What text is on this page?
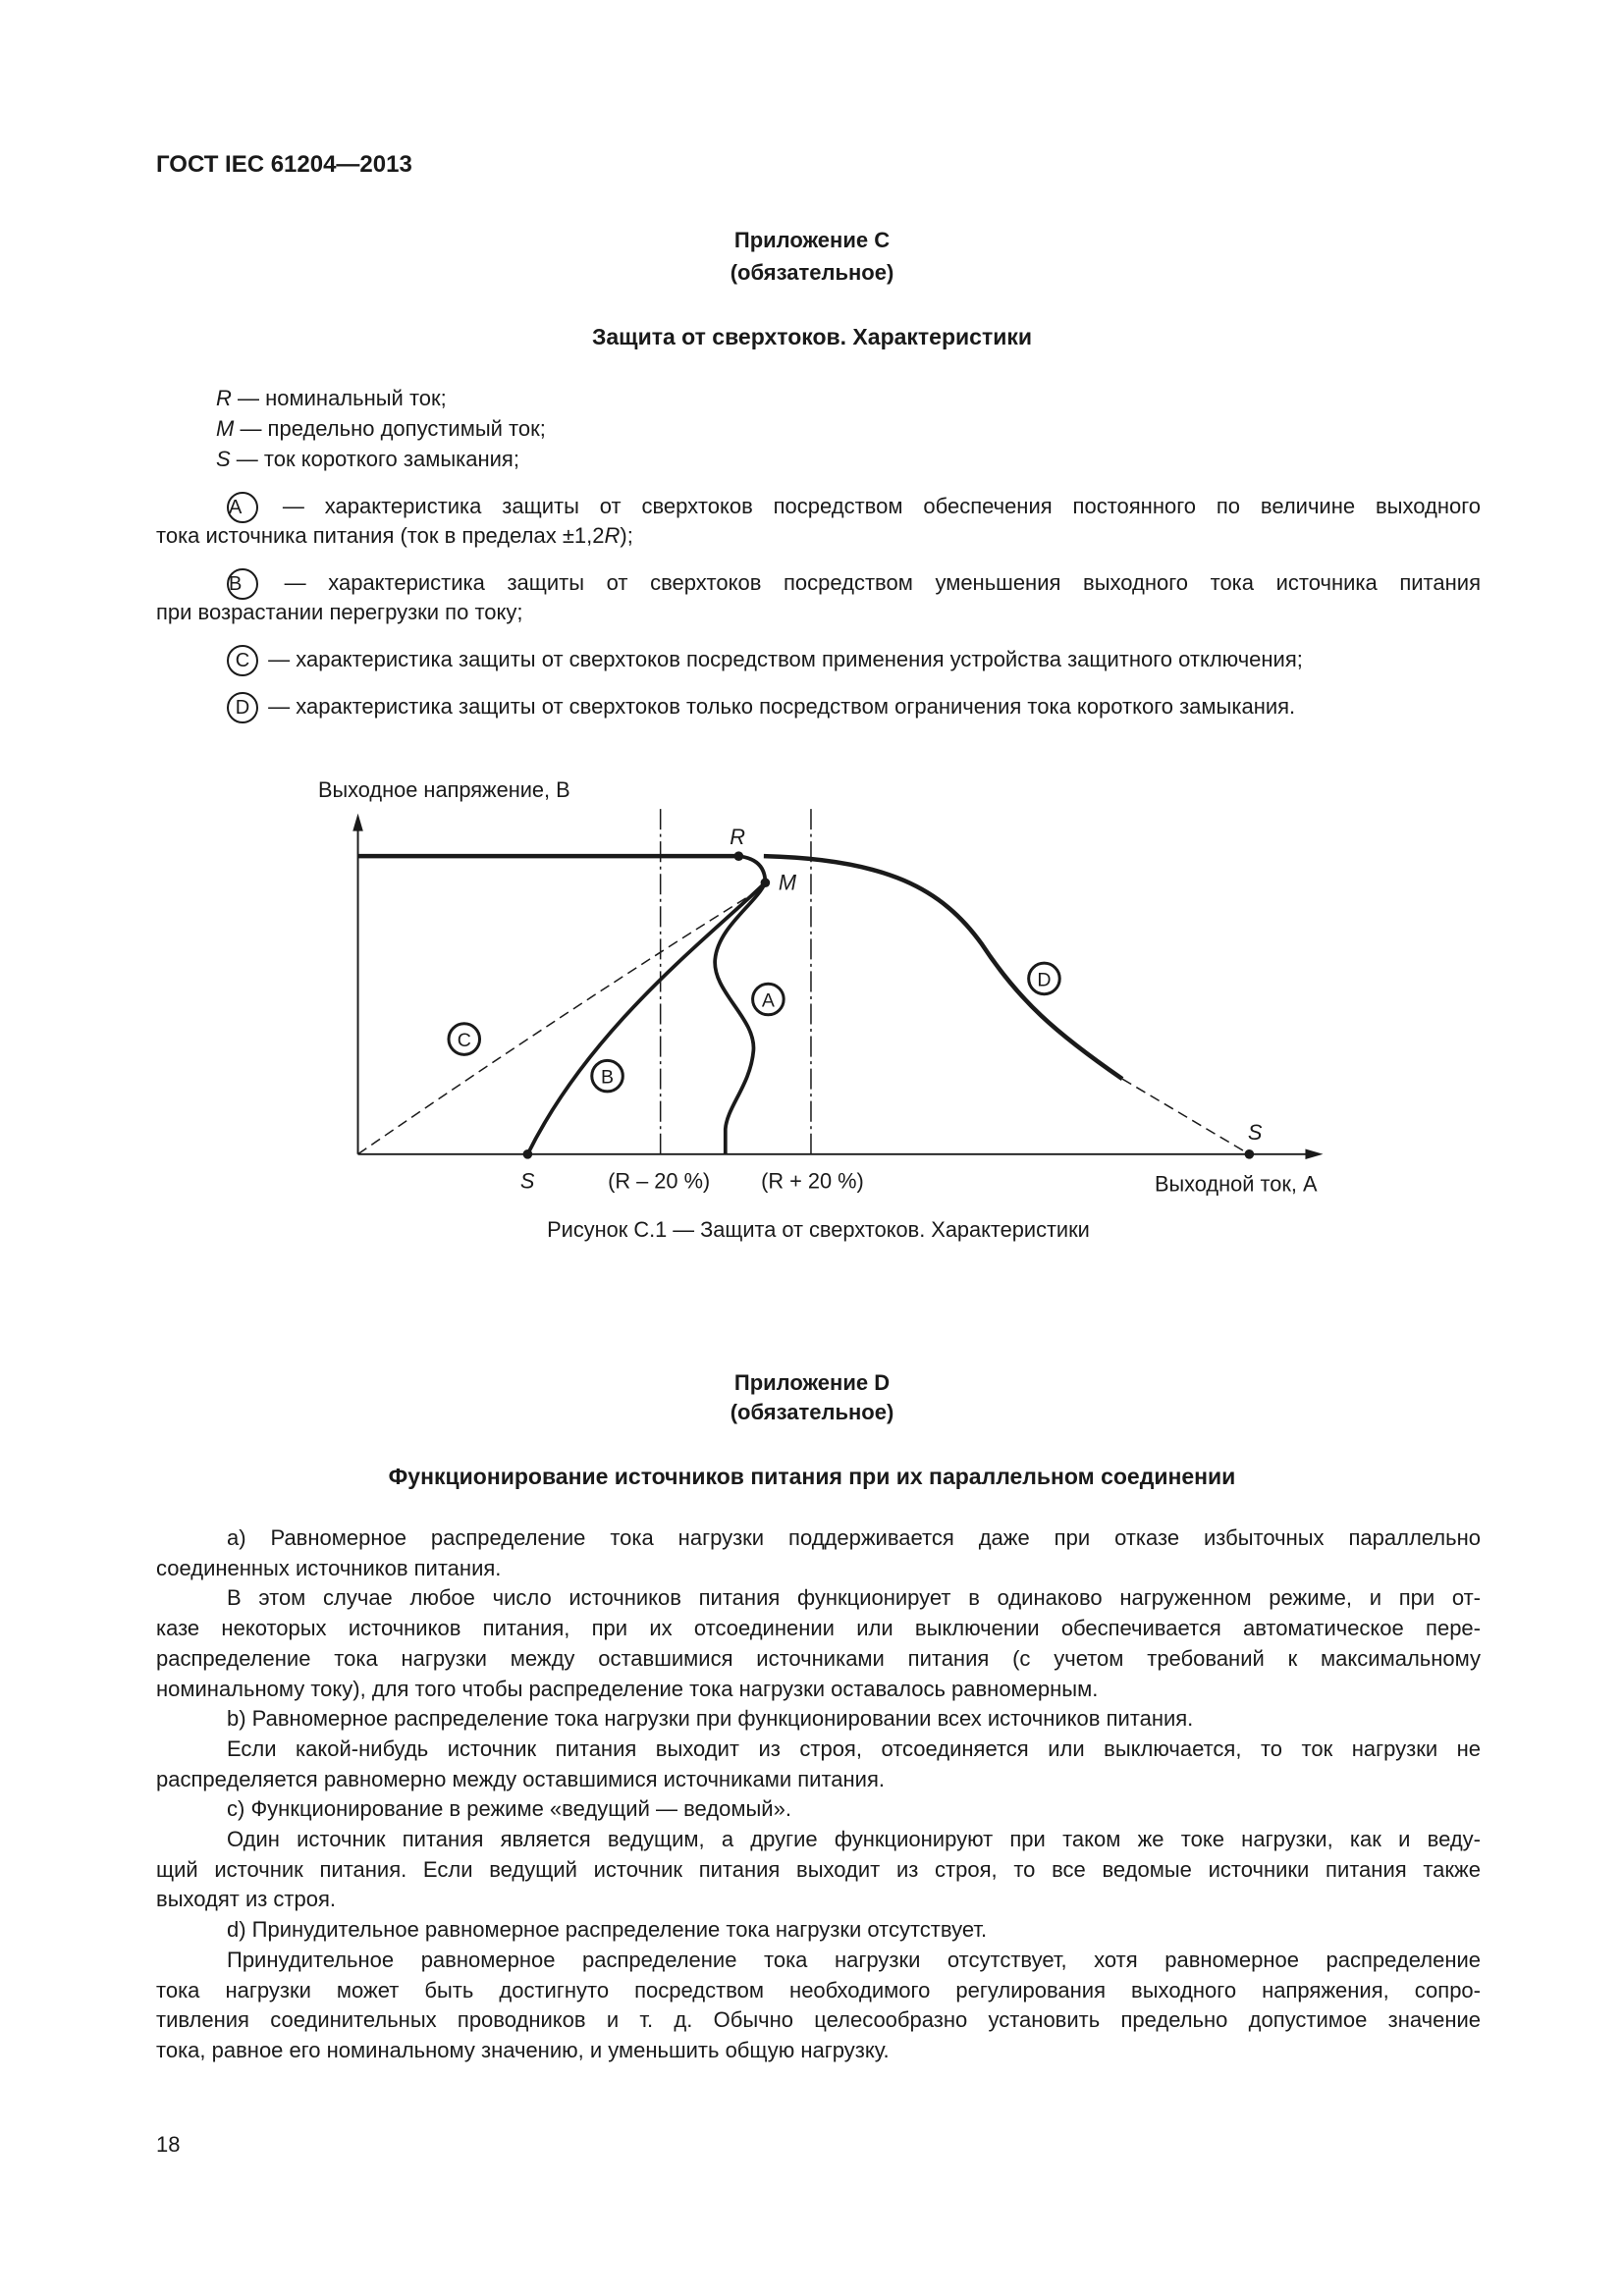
ГОСТ IEC 61204—2013
Приложение С
(обязательное)
Защита от сверхтоков. Характеристики
R — номинальный ток;
M — предельно допустимый ток;
S — ток короткого замыкания;
A — характеристика защиты от сверхтоков посредством обеспечения постоянного по величине выходного
тока источника питания (ток в пределах ±1,2R);
B — характеристика защиты от сверхтоков посредством уменьшения выходного тока источника питания
при возрастании перегрузки по току;
C — характеристика защиты от сверхтоков посредством применения устройства защитного отключения;
D — характеристика защиты от сверхтоков только посредством ограничения тока короткого замыкания.
Выходное напряжение, В
R
M
S
S
(R – 20 %)	(R + 20 %)	Выходной ток, А
A
B
C
D
Рисунок С.1 — Защита от сверхтоков. Характеристики
Приложение D
(обязательное)
Функционирование источников питания при их параллельном соединении
a) Равномерное распределение тока нагрузки поддерживается даже при отказе избыточных параллельно
соединенных источников питания.
В этом случае любое число источников питания функционирует в одинаково нагруженном режиме, и при от-
казе некоторых источников питания, при их отсоединении или выключении обеспечивается автоматическое пере-
распределение тока нагрузки между оставшимися источниками питания (с учетом требований к максимальному
номинальному току), для того чтобы распределение тока нагрузки оставалось равномерным.
b) Равномерное распределение тока нагрузки при функционировании всех источников питания.
Если какой-нибудь источник питания выходит из строя, отсоединяется или выключается, то ток нагрузки не
распределяется равномерно между оставшимися источниками питания.
c) Функционирование в режиме «ведущий — ведомый».
Один источник питания является ведущим, а другие функционируют при таком же токе нагрузки, как и веду-
щий источник питания. Если ведущий источник питания выходит из строя, то все ведомые источники питания также
выходят из строя.
d) Принудительное равномерное распределение тока нагрузки отсутствует.
Принудительное равномерное распределение тока нагрузки отсутствует, хотя равномерное распределение
тока нагрузки может быть достигнуто посредством необходимого регулирования выходного напряжения, сопро-
тивления соединительных проводников и т. д. Обычно целесообразно установить предельно допустимое значение
тока, равное его номинальному значению, и уменьшить общую нагрузку.
18
